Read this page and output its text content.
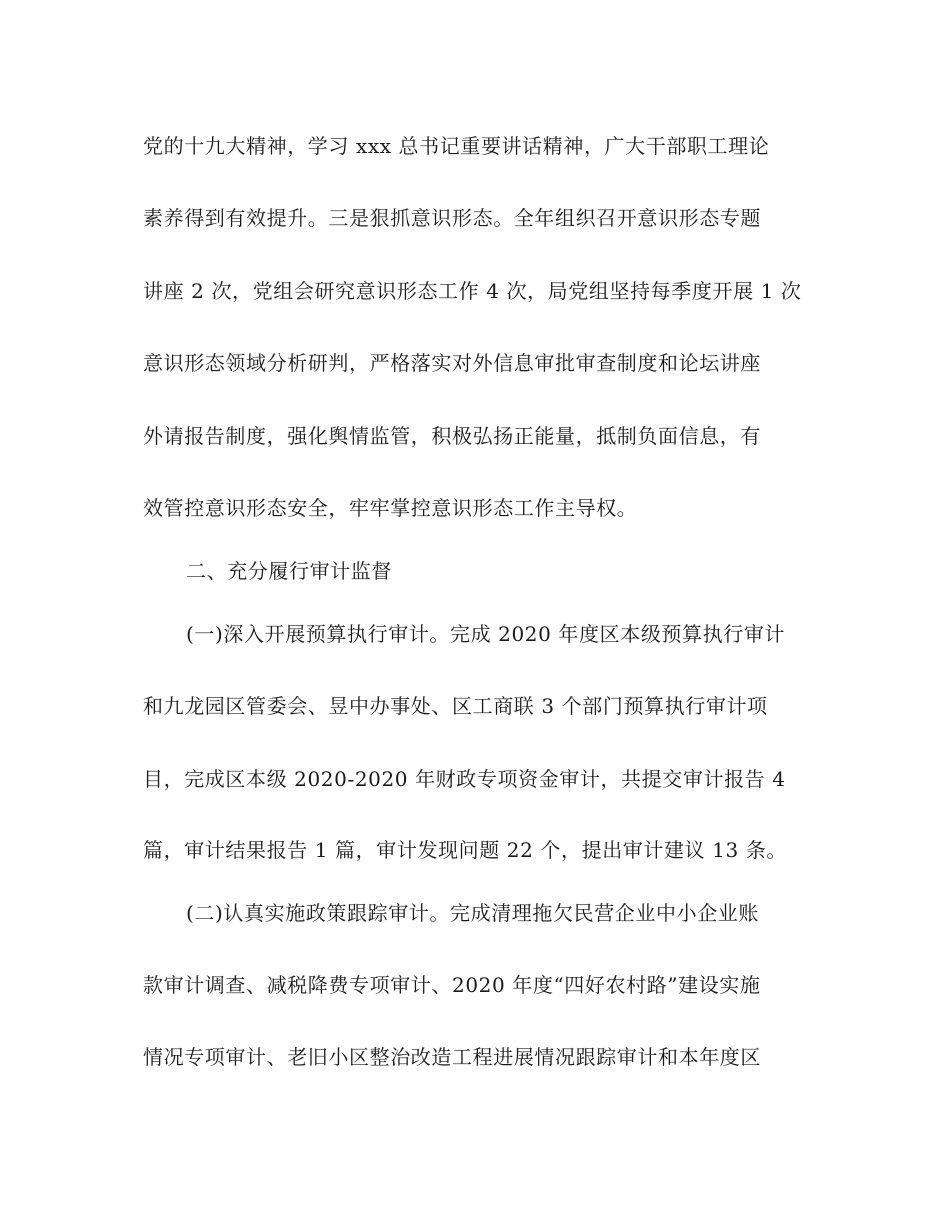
党的十九大精神，学习 xxx 总书记重要讲话精神，广大干部职工理论
素养得到有效提升。三是狠抓意识形态。全年组织召开意识形态专题
讲座 2 次，党组会研究意识形态工作 4 次，局党组坚持每季度开展 1 次
意识形态领域分析研判，严格落实对外信息审批审查制度和论坛讲座
外请报告制度，强化舆情监管，积极弘扬正能量，抵制负面信息，有
效管控意识形态安全，牢牢掌控意识形态工作主导权。
二、充分履行审计监督
(一)深入开展预算执行审计。完成 2020 年度区本级预算执行审计
和九龙园区管委会、昱中办事处、区工商联 3 个部门预算执行审计项
目，完成区本级 2020-2020 年财政专项资金审计，共提交审计报告 4
篇，审计结果报告 1 篇，审计发现问题 22 个，提出审计建议 13 条。
(二)认真实施政策跟踪审计。完成清理拖欠民营企业中小企业账
款审计调查、减税降费专项审计、2020 年度“四好农村路”建设实施
情况专项审计、老旧小区整治改造工程进展情况跟踪审计和本年度区
